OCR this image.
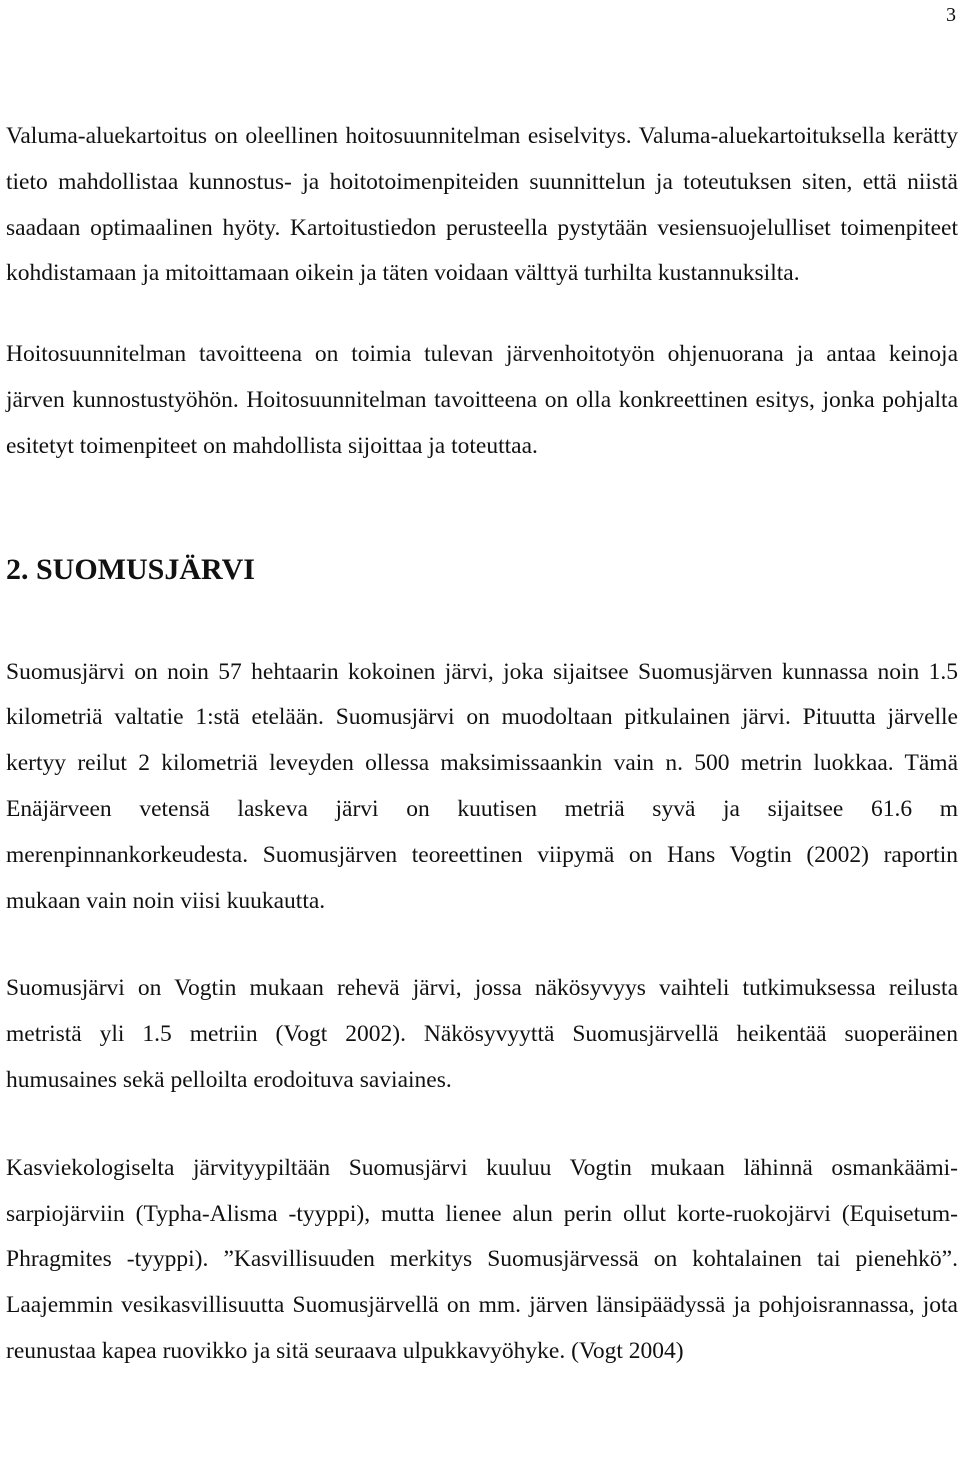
3

Valuma-aluekartoitus on oleellinen hoitosuunnitelman esiselvitys. Valuma-aluekartoituksella kerätty tieto mahdollistaa kunnostus- ja hoitotoimenpiteiden suunnittelun ja toteutuksen siten, että niistä saadaan optimaalinen hyöty. Kartoitustiedon perusteella pystytään vesiensuojelulliset toimenpiteet kohdistamaan ja mitoittamaan oikein ja täten voidaan välttyä turhilta kustannuksilta.

Hoitosuunnitelman tavoitteena on toimia tulevan järvenhoitotyön ohjenuorana ja antaa keinoja järven kunnostustyöhön. Hoitosuunnitelman tavoitteena on olla konkreettinen esitys, jonka pohjalta esitetyt toimenpiteet on mahdollista sijoittaa ja toteuttaa.

2. SUOMUSJÄRVI

Suomusjärvi on noin 57 hehtaarin kokoinen järvi, joka sijaitsee Suomusjärven kunnassa noin 1.5 kilometriä valtatie 1:stä etelään. Suomusjärvi on muodoltaan pitkulainen järvi. Pituutta järvelle kertyy reilut 2 kilometriä leveyden ollessa maksimissaankin vain n. 500 metrin luokkaa. Tämä Enäjärveen vetensä laskeva järvi on kuutisen metriä syvä ja sijaitsee 61.6 m merenpinnankorkeudesta. Suomusjärven teoreettinen viipymä on Hans Vogtin (2002) raportin mukaan vain noin viisi kuukautta.

Suomusjärvi on Vogtin mukaan rehevä järvi, jossa näkösyvyys vaihteli tutkimuksessa reilusta metristä yli 1.5 metriin (Vogt 2002). Näkösyvyyttä Suomusjärvellä heikentää suoperäinen humusaines sekä pelloilta erodoituva saviaines.

Kasviekologiselta järvityypiltään Suomusjärvi kuuluu Vogtin mukaan lähinnä osmankäämi-sarpiojärviin (Typha-Alisma -tyyppi), mutta lienee alun perin ollut korte-ruokojärvi (Equisetum-Phragmites -tyyppi). ”Kasvillisuuden merkitys Suomusjärvessä on kohtalainen tai pienehkö”. Laajemmin vesikasvillisuutta Suomusjärvellä on mm. järven länsipäädyssä ja pohjoisrannassa, jota reunustaa kapea ruovikko ja sitä seuraava ulpukkavyöhyke. (Vogt 2004)
